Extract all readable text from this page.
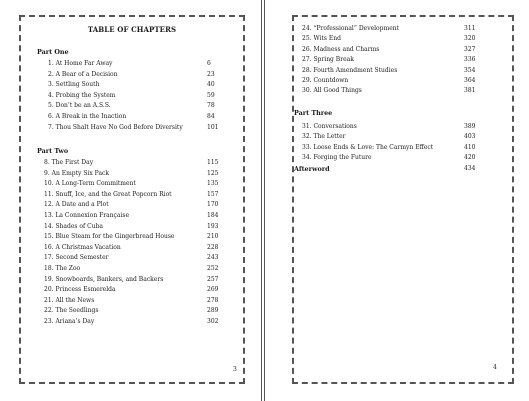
TABLE OF CHAPTERS
Part One
1. At Home Far Away	6
2. A Bear of a Decision	23
3. Settling South	40
4. Probing the System	59
5. Don’t be an A.S.S.	78
6. A Break in the Inaction	84
7. Thou Shalt Have No God Before Diversity	101
Part Two
8. The First Day	115
9. An Empty Six Pack	125
10. A Long-Term Commitment	135
11. Snuff, Ice, and the Great Popcorn Riot	157
12. A Date and a Plot	170
13. La Connexion Française	184
14. Shades of Cuba	193
15. Blue Steam for the Gingerbread House	210
16. A Christmas Vacation	228
17. Second Semester	243
18. The Zoo	252
19. Snowboards, Bankers, and Backers	257
20. Princess Esmerelda	269
21. All the News	278
22. The Seedlings	289
23. Ariana’s Day	302
3
24. “Professional” Development	311
25. Wits End	320
26. Madness and Charms	327
27. Spring Break	336
28. Fourth Amendment Studies	354
29. Countdown	364
30. All Good Things	381
Part Three
31. Conversations	389
32. The Letter	403
33. Loose Ends & Love: The Carmyn Effect	410
34. Forging the Future	420
Afterword	434
4
